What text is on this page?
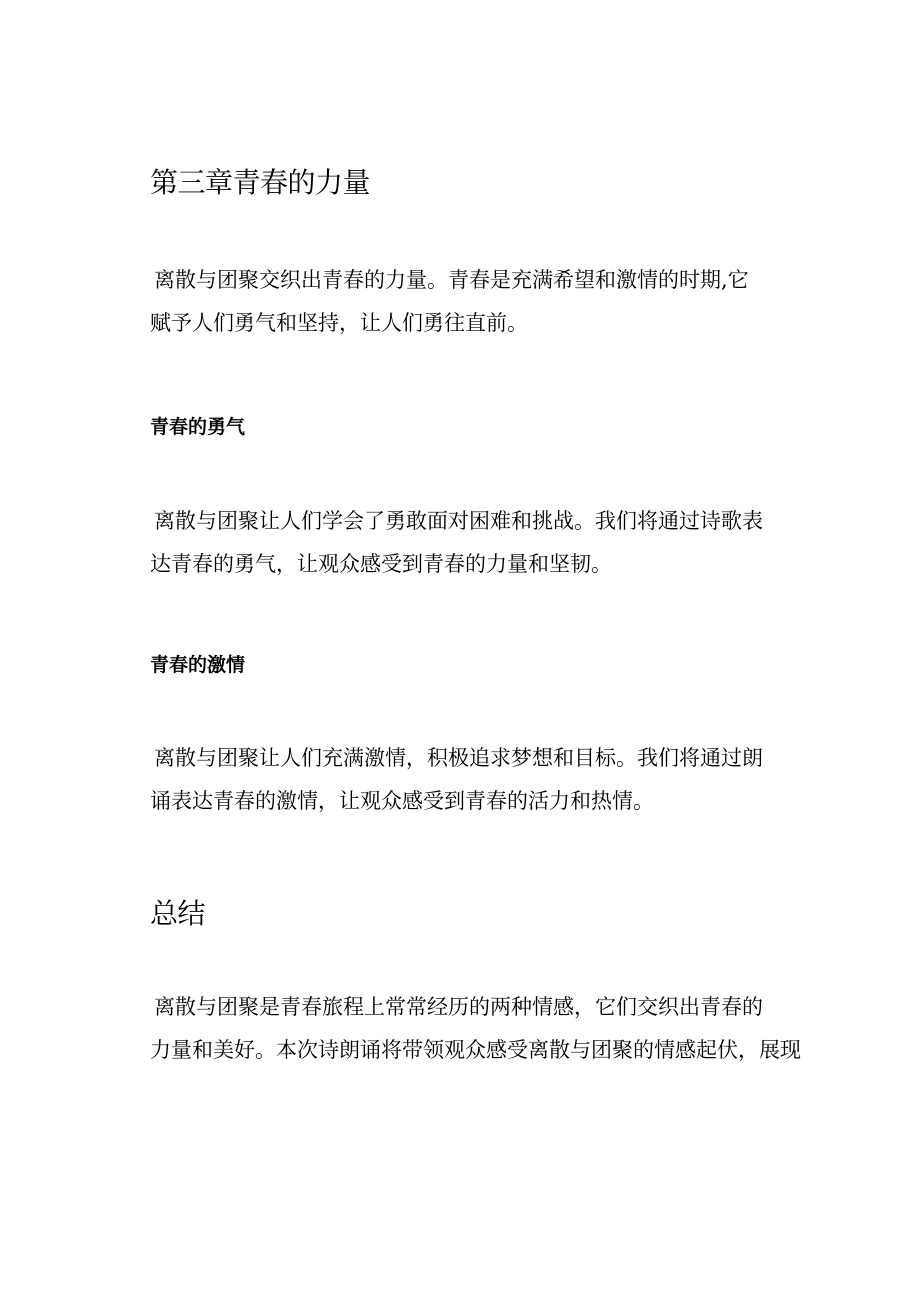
第三章青春的力量

离散与团聚交织出青春的力量。青春是充满希望和激情的时期,它
赋予人们勇气和坚持，让人们勇往直前。

青春的勇气

离散与团聚让人们学会了勇敢面对困难和挑战。我们将通过诗歌表
达青春的勇气，让观众感受到青春的力量和坚韧。

青春的激情

离散与团聚让人们充满激情，积极追求梦想和目标。我们将通过朗
诵表达青春的激情，让观众感受到青春的活力和热情。

总结

离散与团聚是青春旅程上常常经历的两种情感，它们交织出青春的
力量和美好。本次诗朗诵将带领观众感受离散与团聚的情感起伏，展现
